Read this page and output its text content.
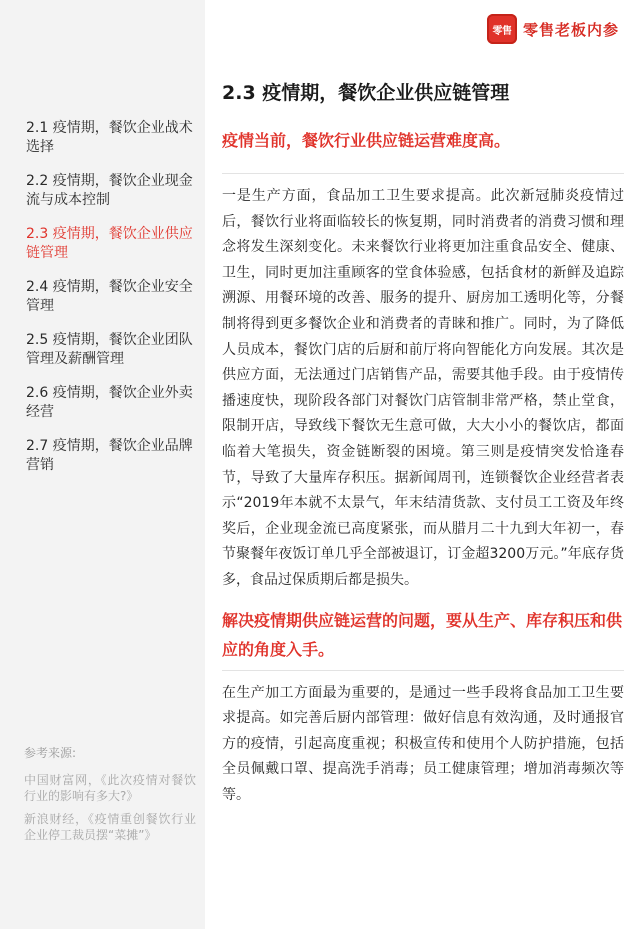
2.1 疫情期，餐饮企业战术选择
2.2 疫情期，餐饮企业现金流与成本控制
2.3 疫情期，餐饮企业供应链管理
2.4 疫情期，餐饮企业安全管理
2.5 疫情期，餐饮企业团队管理及薪酬管理
2.6 疫情期，餐饮企业外卖经营
2.7 疫情期，餐饮企业品牌营销
参考来源:
中国财富网，《此次疫情对餐饮行业的影响有多大?》
新浪财经，《疫情重创餐饮行业 企业停工裁员摆“菜摊”》
零售 零售老板内参
2.3 疫情期，餐饮企业供应链管理
疫情当前，餐饮行业供应链运营难度高。

一是生产方面，食品加工卫生要求提高。此次新冠肺炎疫情过后，餐饮行业将面临较长的恢复期，同时消费者的消费习惯和理念将发生深刻变化。未来餐饮行业将更加注重食品安全、健康、卫生，同时更加注重顾客的堂食体验感，包括食材的新鲜及追踪溯源、用餐环境的改善、服务的提升、厨房加工透明化等，分餐制将得到更多餐饮企业和消费者的青睐和推广。同时，为了降低人员成本，餐饮门店的后厨和前厅将向智能化方向发展。其次是供应方面，无法通过门店销售产品，需要其他手段。由于疫情传播速度快，现阶段各部门对餐饮门店管制非常严格，禁止堂食，限制开店，导致线下餐饮无生意可做，大大小小的餐饮店，都面临着大笔损失，资金链断裂的困境。第三则是疫情突发恰逢春节，导致了大量库存积压。据新闻周刊，连锁餐饮企业经营者表示“2019年本就不太景气，年末结清货款、支付员工工资及年终奖后，企业现金流已高度紧张，而从腊月二十九到大年初一，春节聚餐年夜饭订单几乎全部被退订，订金超3200万元。”年底存货多，食品过保质期后都是损失。

解决疫情期供应链运营的问题，要从生产、库存积压和供应的角度入手。

在生产加工方面最为重要的，是通过一些手段将食品加工卫生要求提高。如完善后厨内部管理：做好信息有效沟通，及时通报官方的疫情，引起高度重视；积极宣传和使用个人防护措施，包括全员佩戴口罩、提高洗手消毒；员工健康管理；增加消毒频次等等。
